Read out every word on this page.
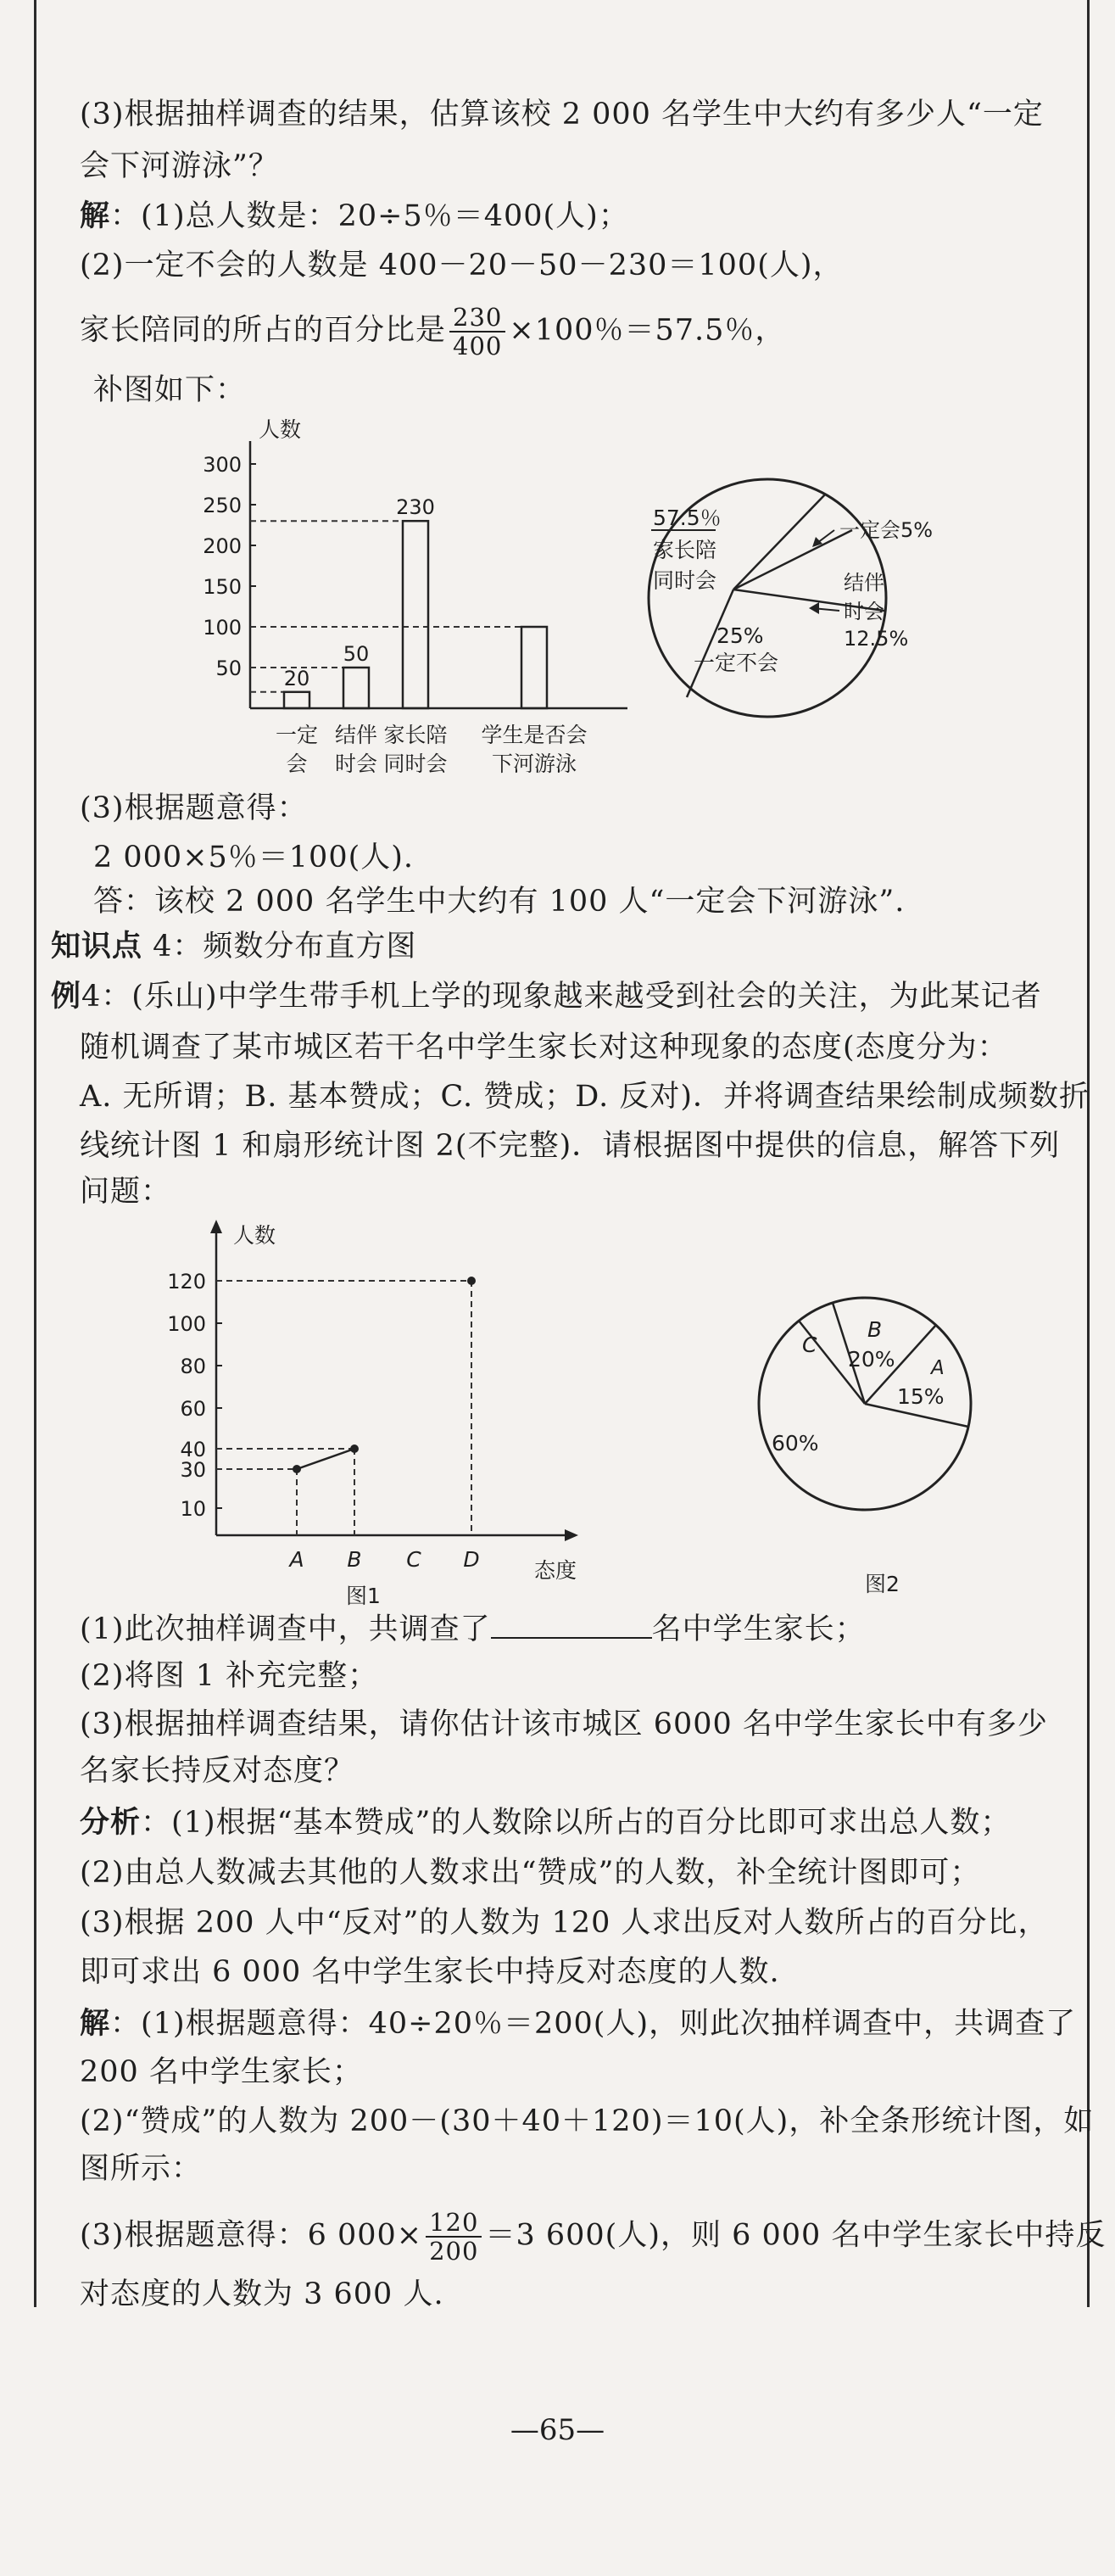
(3)根据抽样调查的结果，估算该校 2 000 名学生中大约有多少人“一定
会下河游泳”？
解：(1)总人数是：20÷5％＝400(人)；
(2)一定不会的人数是 400－20－50－230＝100(人)，
家长陪同的所占的百分比是 $\frac{230}{400} \times 100$％＝57.5％，
补图如下：
人数
50
100
150
200
250
300
20
50
230
一定
会
结伴
时会
家长陪
同时会
学生是否会
下河游泳
57.5％
家长陪
同时会
一定会5%
结伴
时会
12.5%
25%
一定不会
(3)根据题意得：
2 000×5％＝100(人).
答：该校 2 000 名学生中大约有 100 人“一定会下河游泳”.
知识点 4：频数分布直方图
例4：(乐山)中学生带手机上学的现象越来越受到社会的关注，为此某记者
随机调查了某市城区若干名中学生家长对这种现象的态度(态度分为：
A. 无所谓；B. 基本赞成；C. 赞成；D. 反对)．并将调查结果绘制成频数折
线统计图 1 和扇形统计图 2(不完整)．请根据图中提供的信息，解答下列
问题：
人数
态度
图1
10
30
40
60
80
100
120
A B C D
C
B
20% A
15%
60%
图2
(1)此次抽样调查中，共调查了	名中学生家长；
(2)将图 1 补充完整；
(3)根据抽样调查结果，请你估计该市城区 6000 名中学生家长中有多少
名家长持反对态度？
分析：(1)根据“基本赞成”的人数除以所占的百分比即可求出总人数；
(2)由总人数减去其他的人数求出“赞成”的人数，补全统计图即可；
(3)根据 200 人中“反对”的人数为 120 人求出反对人数所占的百分比，
即可求出 6 000 名中学生家长中持反对态度的人数.
解：(1)根据题意得：40÷20％＝200(人)，则此次抽样调查中，共调查了
200 名中学生家长；
(2)“赞成”的人数为 200－(30＋40＋120)＝10(人)，补全条形统计图，如
图所示：
(3)根据题意得：6 $000\times \frac{120}{200} =3$ 600(人)，则 6 000 名中学生家长中持反
对态度的人数为 3 600 人.
—65—
